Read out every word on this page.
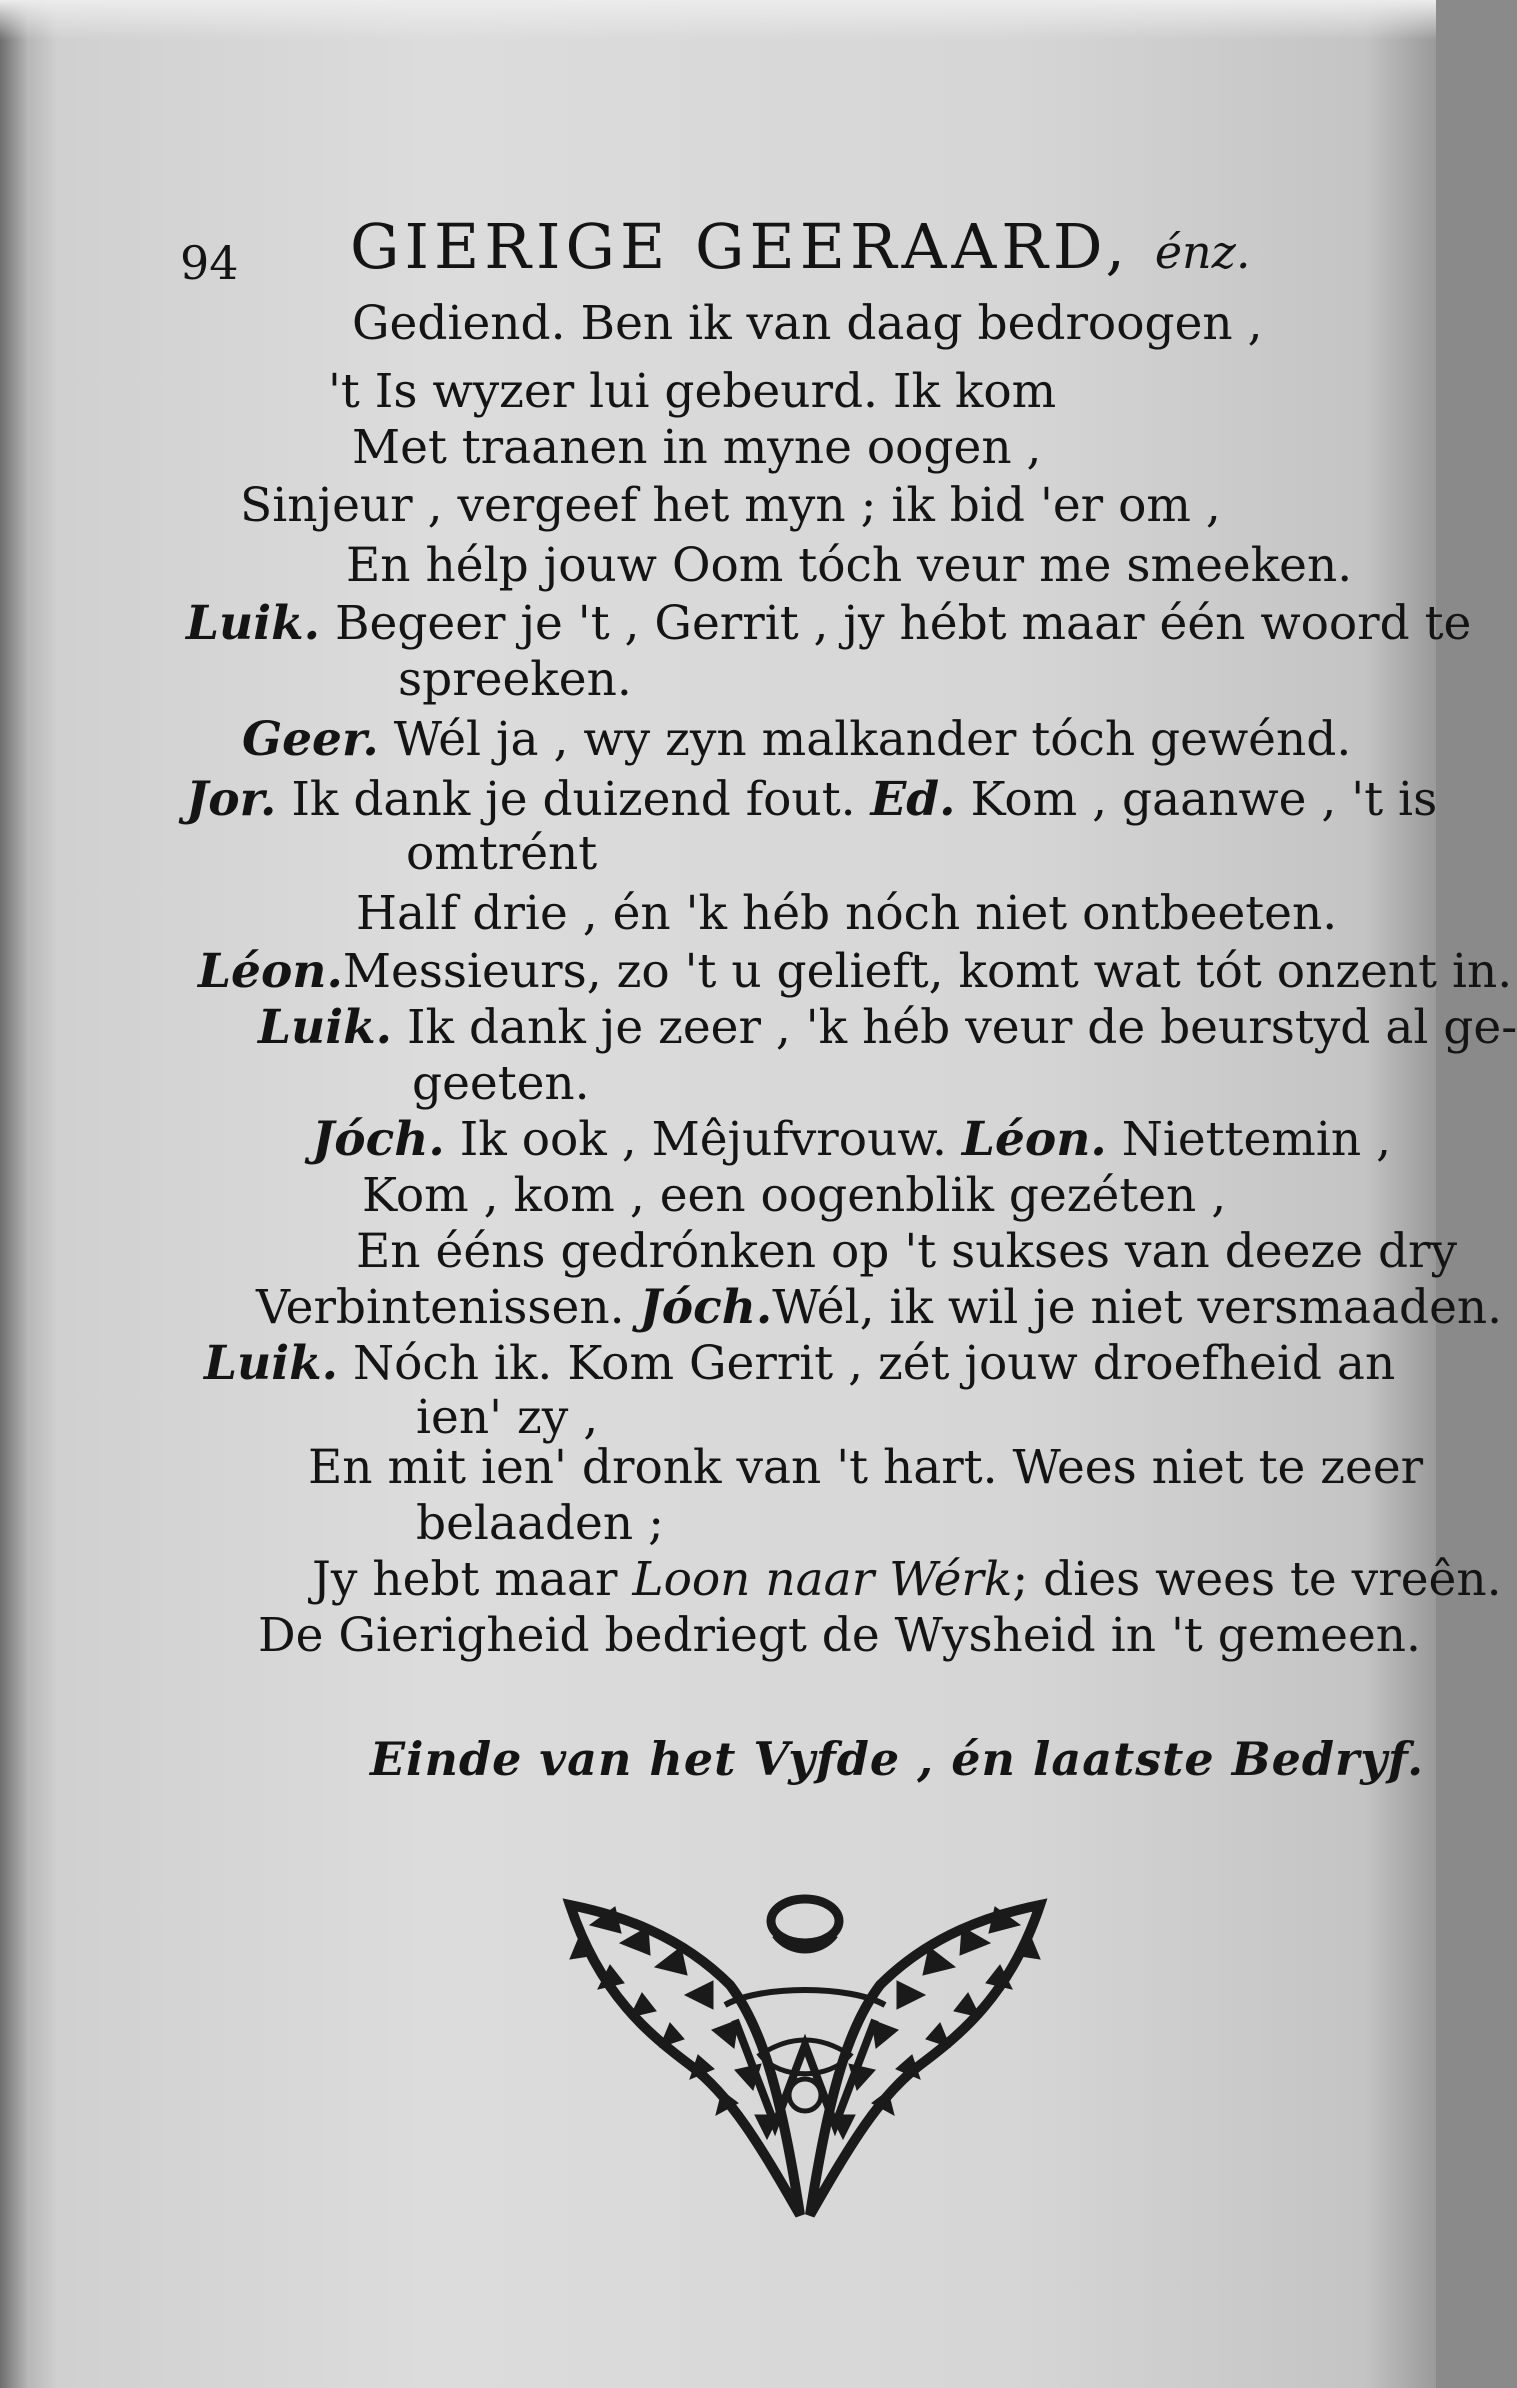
94 GIERIGE GEERAARD, énz.
Gediend. Ben ik van daag bedroogen ,
't Is wyzer lui gebeurd. Ik kom
Met traanen in myne oogen ,
Sinjeur , vergeef het myn ; ik bid 'er om ,
En hélp jouw Oom tóch veur me smeeken.
Luik. Begeer je 't , Gerrit , jy hébt maar één woord te
spreeken.
Geer. Wél ja , wy zyn malkander tóch gewénd.
Jor. Ik dank je duizend fout. Ed. Kom , gaanwe , 't is
omtrént
Half drie , én 'k héb nóch niet ontbeeten.
Léon.Messieurs, zo 't u gelieft, komt wat tót onzent in.
Luik. Ik dank je zeer , 'k héb veur de beurstyd al ge-
geeten.
Jóch. Ik ook , Mêjufvrouw. Léon. Niettemin ,
Kom , kom , een oogenblik gezéten ,
En ééns gedrónken op 't sukses van deeze dry
Verbintenissen. Jóch.Wél, ik wil je niet versmaaden.
Luik. Nóch ik. Kom Gerrit , zét jouw droefheid an
ien' zy ,
En mit ien' dronk van 't hart. Wees niet te zeer
belaaden ;
Jy hebt maar Loon naar Wérk; dies wees te vreên.
De Gierigheid bedriegt de Wysheid in 't gemeen.
Einde van het Vyfde , én laatste Bedryf.
